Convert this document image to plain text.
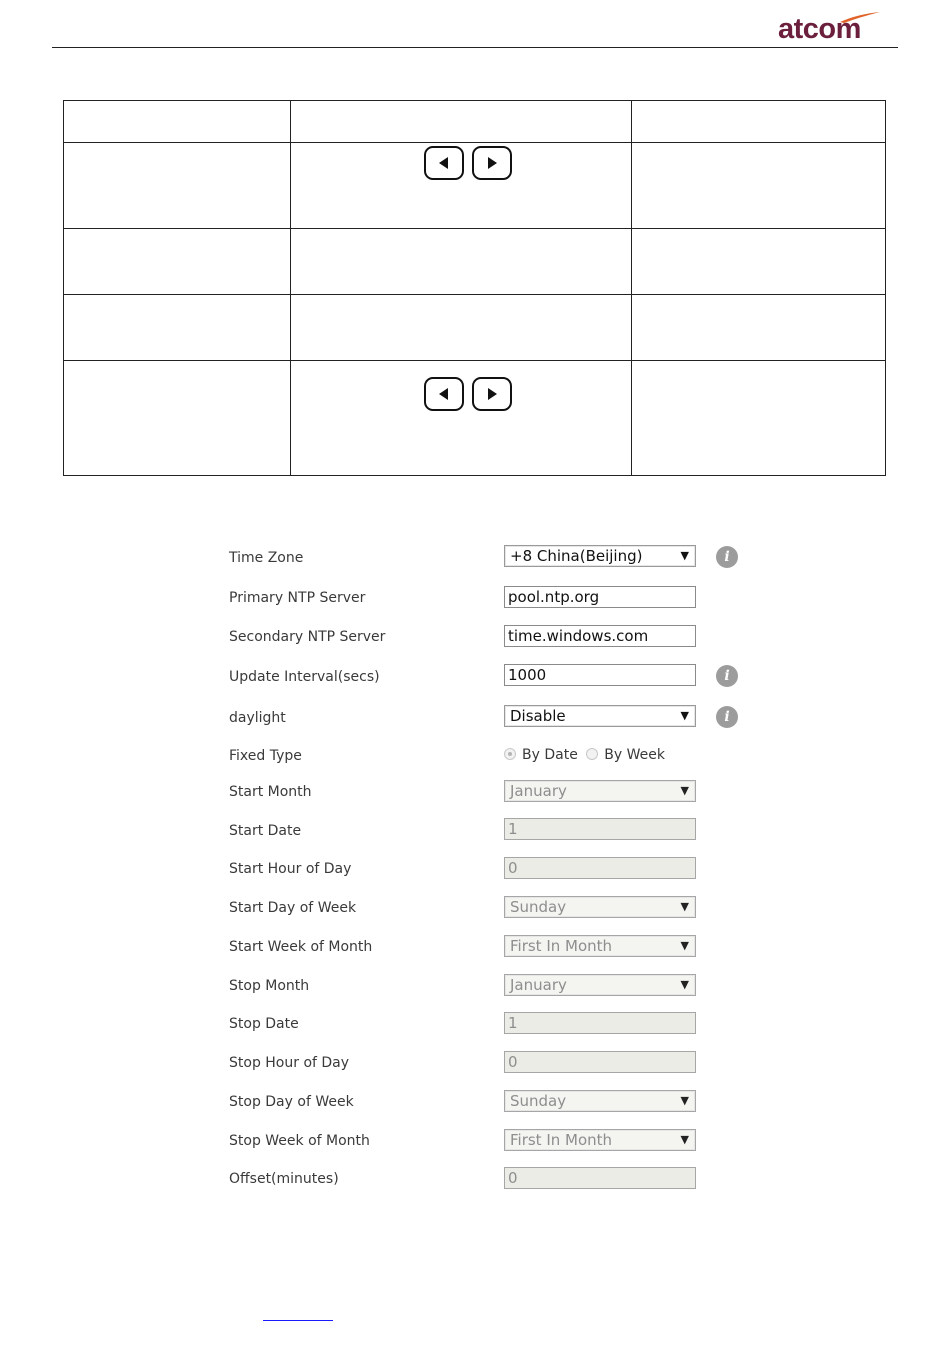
atcom

Time Zone	+8 China(Beijing)	▼	i
Primary NTP Server	pool.ntp.org
Secondary NTP Server	time.windows.com
Update Interval(secs)	1000	i
daylight	Disable	▼	i
Fixed Type	By Date By Week
Start Month	January	▼
Start Date	1
Start Hour of Day	0
Start Day of Week	Sunday	▼
Start Week of Month	First In Month	▼
Stop Month	January	▼
Stop Date	1
Stop Hour of Day	0
Stop Day of Week	Sunday	▼
Stop Week of Month	First In Month	▼
Offset(minutes)	0
